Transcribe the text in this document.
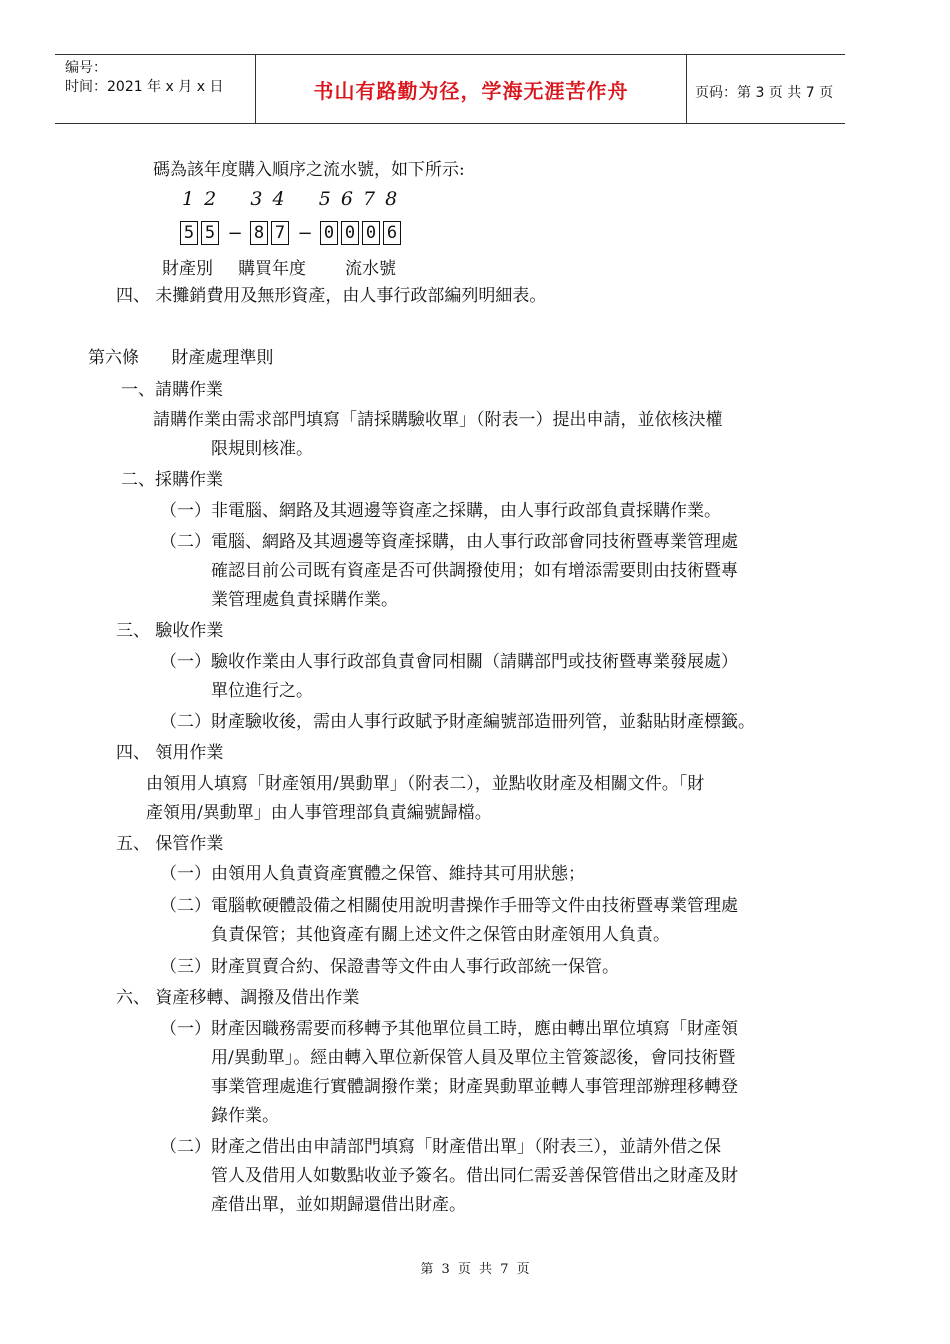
编号：
时间：2021 年 x 月 x 日	书山有路勤为径，学海无涯苦作舟	页码：第 3 页 共 7 页
碼為該年度購入順序之流水號，如下所示:
1 2    3 4    5 6 7 8
5 5 − 8 7 − 0 0 0 6
財產別 購買年度 流水號
四、 未攤銷費用及無形資產，由人事行政部編列明細表。
第六條      財產處理準則
一、請購作業
請購作業由需求部門填寫「請採購驗收單」（附表一）提出申請，並依核決權
限規則核准。
二、採購作業
（一）非電腦、網路及其週邊等資產之採購，由人事行政部負責採購作業。
（二）電腦、網路及其週邊等資產採購，由人事行政部會同技術暨專業管理處
確認目前公司既有資產是否可供調撥使用；如有增添需要則由技術暨專
業管理處負責採購作業。
三、 驗收作業
（一）驗收作業由人事行政部負責會同相關（請購部門或技術暨專業發展處）
單位進行之。
（二）財產驗收後，需由人事行政賦予財產編號部造冊列管，並黏貼財產標籤。
四、 領用作業
由領用人填寫「財產領用/異動單」（附表二），並點收財產及相關文件。「財
產領用/異動單」由人事管理部負責編號歸檔。
五、 保管作業
（一）由領用人負責資產實體之保管、維持其可用狀態；
（二）電腦軟硬體設備之相關使用說明書操作手冊等文件由技術暨專業管理處
負責保管；其他資產有關上述文件之保管由財產領用人負責。
（三）財產買賣合約、保證書等文件由人事行政部統一保管。
六、 資產移轉、調撥及借出作業
（一）財產因職務需要而移轉予其他單位員工時，應由轉出單位填寫「財產領
用/異動單」。經由轉入單位新保管人員及單位主管簽認後，會同技術暨
事業管理處進行實體調撥作業；財產異動單並轉人事管理部辦理移轉登
錄作業。
（二）財產之借出由申請部門填寫「財產借出單」（附表三），並請外借之保
管人及借用人如數點收並予簽名。借出同仁需妥善保管借出之財產及財
產借出單，並如期歸還借出財產。
第 3 页 共 7 页
